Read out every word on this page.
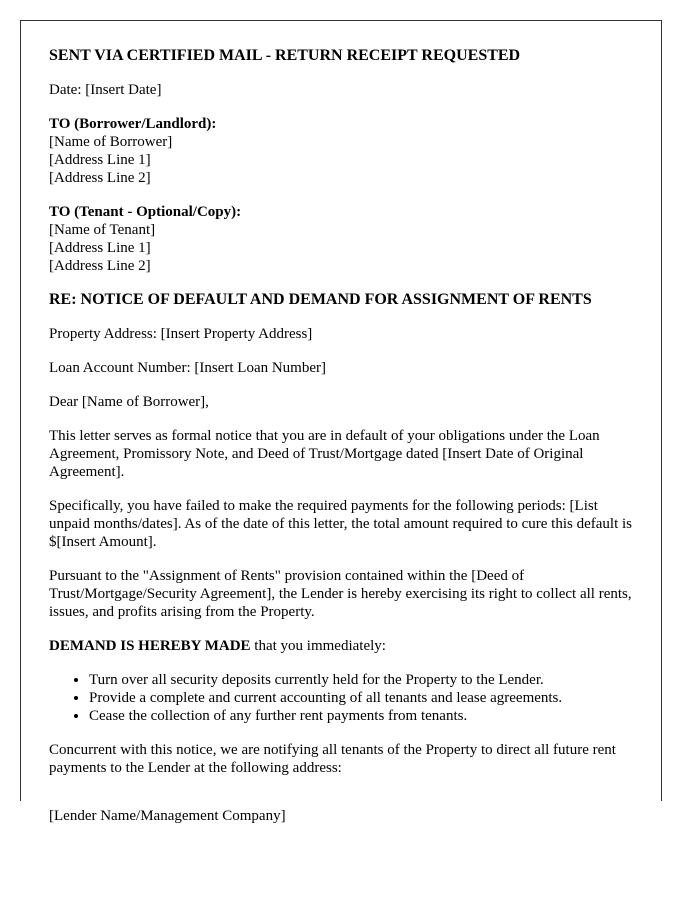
SENT VIA CERTIFIED MAIL - RETURN RECEIPT REQUESTED

Date: [Insert Date]

TO (Borrower/Landlord):
[Name of Borrower]
[Address Line 1]
[Address Line 2]
TO (Tenant - Optional/Copy):
[Name of Tenant]
[Address Line 1]
[Address Line 2]

RE: NOTICE OF DEFAULT AND DEMAND FOR ASSIGNMENT OF RENTS

Property Address: [Insert Property Address]

Loan Account Number: [Insert Loan Number]

Dear [Name of Borrower],

This letter serves as formal notice that you are in default of your obligations under the Loan Agreement, Promissory Note, and Deed of Trust/Mortgage dated [Insert Date of Original Agreement].

Specifically, you have failed to make the required payments for the following periods: [List unpaid months/dates]. As of the date of this letter, the total amount required to cure this default is $[Insert Amount].

Pursuant to the "Assignment of Rents" provision contained within the [Deed of Trust/Mortgage/Security Agreement], the Lender is hereby exercising its right to collect all rents, issues, and profits arising from the Property.

DEMAND IS HEREBY MADE that you immediately:

• Turn over all security deposits currently held for the Property to the Lender.
• Provide a complete and current accounting of all tenants and lease agreements.
• Cease the collection of any further rent payments from tenants.

Concurrent with this notice, we are notifying all tenants of the Property to direct all future rent payments to the Lender at the following address:

[Lender Name/Management Company]
